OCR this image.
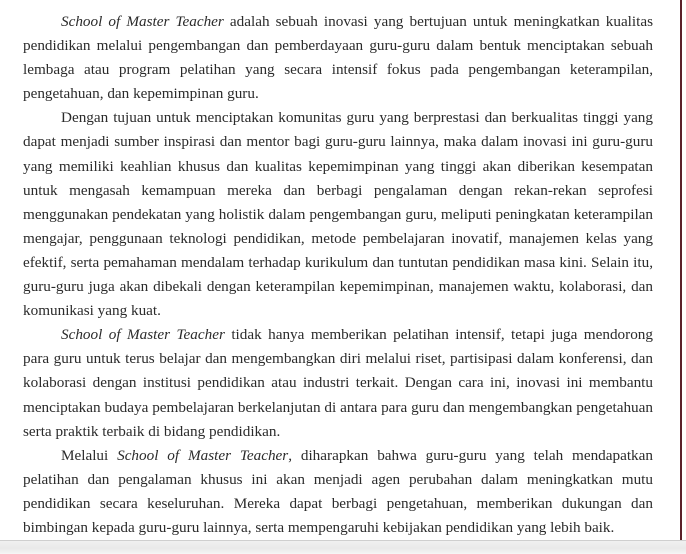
School of Master Teacher adalah sebuah inovasi yang bertujuan untuk meningkatkan kualitas pendidikan melalui pengembangan dan pemberdayaan guru-guru dalam bentuk menciptakan sebuah lembaga atau program pelatihan yang secara intensif fokus pada pengembangan keterampilan, pengetahuan, dan kepemimpinan guru.

Dengan tujuan untuk menciptakan komunitas guru yang berprestasi dan berkualitas tinggi yang dapat menjadi sumber inspirasi dan mentor bagi guru-guru lainnya, maka dalam inovasi ini guru-guru yang memiliki keahlian khusus dan kualitas kepemimpinan yang tinggi akan diberikan kesempatan untuk mengasah kemampuan mereka dan berbagi pengalaman dengan rekan-rekan seprofesi menggunakan pendekatan yang holistik dalam pengembangan guru, meliputi peningkatan keterampilan mengajar, penggunaan teknologi pendidikan, metode pembelajaran inovatif, manajemen kelas yang efektif, serta pemahaman mendalam terhadap kurikulum dan tuntutan pendidikan masa kini. Selain itu, guru-guru juga akan dibekali dengan keterampilan kepemimpinan, manajemen waktu, kolaborasi, dan komunikasi yang kuat.

School of Master Teacher tidak hanya memberikan pelatihan intensif, tetapi juga mendorong para guru untuk terus belajar dan mengembangkan diri melalui riset, partisipasi dalam konferensi, dan kolaborasi dengan institusi pendidikan atau industri terkait. Dengan cara ini, inovasi ini membantu menciptakan budaya pembelajaran berkelanjutan di antara para guru dan mengembangkan pengetahuan serta praktik terbaik di bidang pendidikan.

Melalui School of Master Teacher, diharapkan bahwa guru-guru yang telah mendapatkan pelatihan dan pengalaman khusus ini akan menjadi agen perubahan dalam meningkatkan mutu pendidikan secara keseluruhan. Mereka dapat berbagi pengetahuan, memberikan dukungan dan bimbingan kepada guru-guru lainnya, serta mempengaruhi kebijakan pendidikan yang lebih baik.
